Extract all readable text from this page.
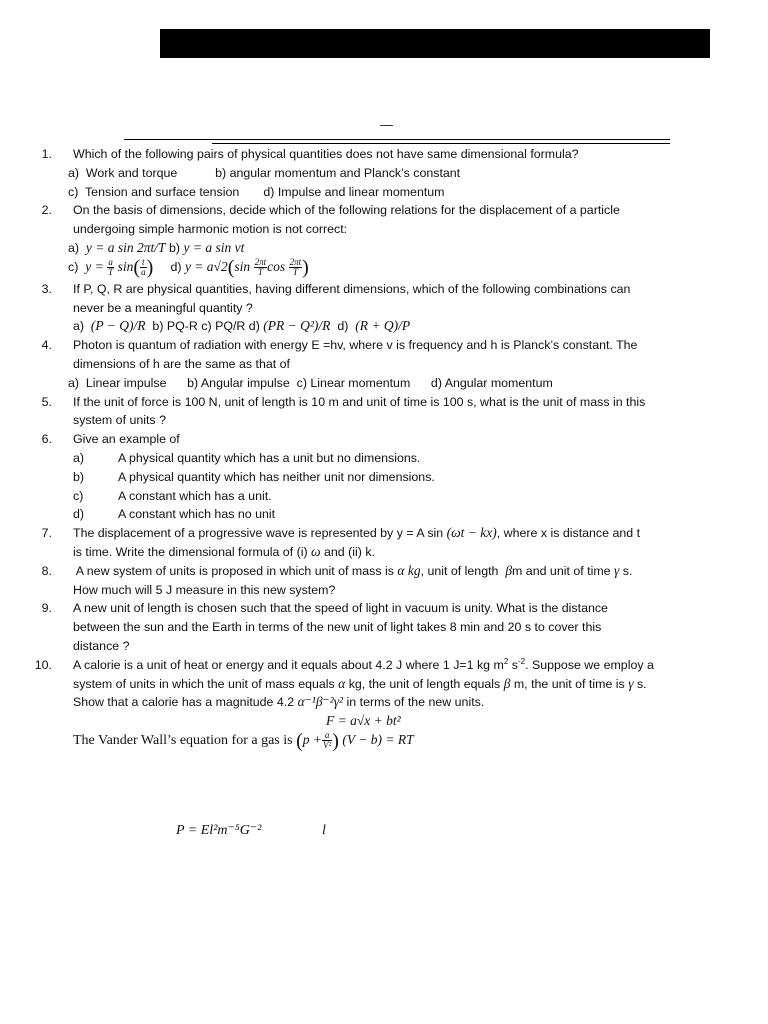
—
1. Which of the following pairs of physical quantities does not have same dimensional formula?
a)  Work and torque           b) angular momentum and Planck’s constant
c)  Tension and surface tension       d) Impulse and linear momentum
2. On the basis of dimensions, decide which of the following relations for the displacement of a particle
undergoing simple harmonic motion is not correct:
a) y = a sin 2πt/T b) y = a sin vt
c) $y = \frac{a}{T} \sin( \frac{t}{a}$ ) d) $y = a√2(\sin \frac{2\pi t}{T}$ $\cos \frac{2\pi t}{T}$ )
3. If P, Q, R are physical quantities, having different dimensions, which of the following combinations can
never be a meaningful quantity ?
a) (P − Q)/R b) PQ-R c) PQ/R d) (PR − Q²)/R d) (R + Q)/P
4. Photon is quantum of radiation with energy E =hv, where v is frequency and h is Planck’s constant. The
dimensions of h are the same as that of
a)  Linear impulse      b) Angular impulse  c) Linear momentum      d) Angular momentum
5. If the unit of force is 100 N, unit of length is 10 m and unit of time is 100 s, what is the unit of mass in this
system of units ?
6. Give an example of
a)	A physical quantity which has a unit but no dimensions.
b)	A physical quantity which has neither unit nor dimensions.
c)	A constant which has a unit.
d)	A constant which has no unit
7. The displacement of a progressive wave is represented by y = A sin (ωt − kx), where x is distance and t
is time. Write the dimensional formula of (i) ω and (ii) k.
8. A new system of units is proposed in which unit of mass is α kg, unit of length  βm and unit of time γ s.
How much will 5 J measure in this new system?
9. A new unit of length is chosen such that the speed of light in vacuum is unity. What is the distance
between the sun and the Earth in terms of the new unit of light takes 8 min and 20 s to cover this
distance ?
10. A calorie is a unit of heat or energy and it equals about 4.2 J where 1 J=1 kg $m^2$ $s^{-2}$. Suppose we employ a
system of units in which the unit of mass equals α kg, the unit of length equals β m, the unit of time is γ s.
Show that a calorie has a magnitude 4.2 α⁻¹β⁻²γ² in terms of the new units.
F = a√x + bt²
The Vander Wall’s equation for a gas is ($p + \frac{a}{\text{V²}}$ ) (V − b) = RT
P = El²m⁻⁵G⁻²	l
